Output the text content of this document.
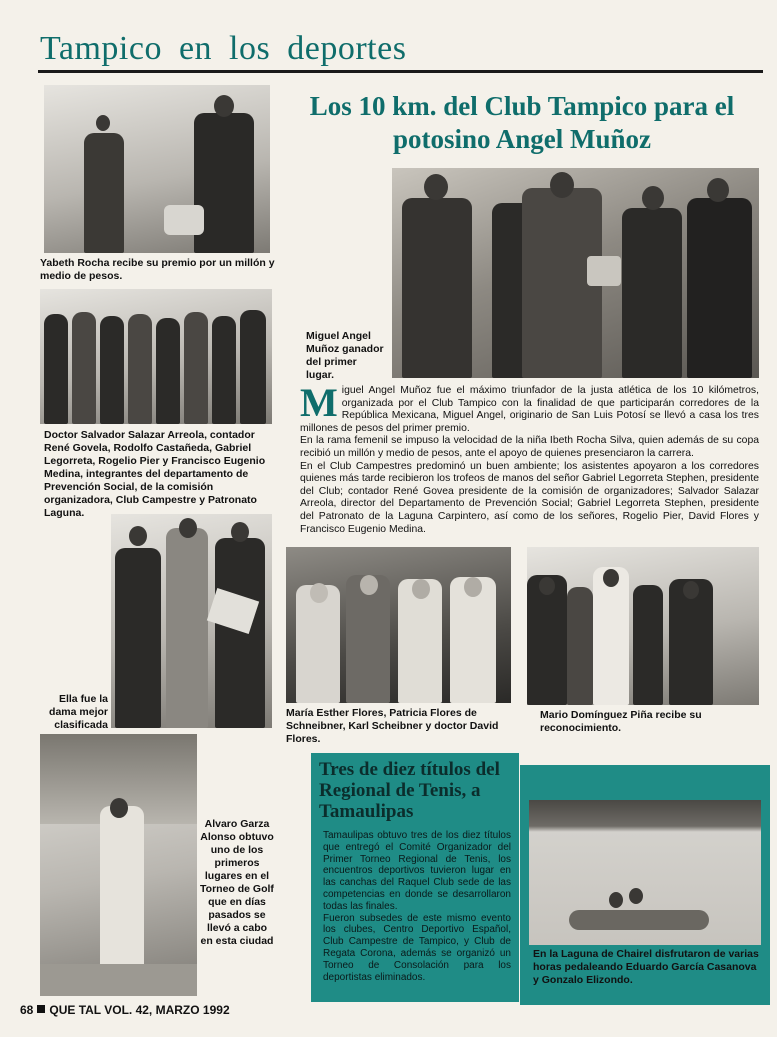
Tampico en los deportes
Yabeth Rocha recibe su premio por un millón y medio de pesos.
Los 10 km. del Club Tampico para el potosino Angel Muñoz
Miguel Angel Muñoz ganador del primer lugar.
Doctor Salvador Salazar Arreola, contador René Govela, Rodolfo Castañeda, Gabriel Legorreta, Rogelio Pier y Francisco Eugenio Medina, integrantes del departamento de Prevención Social, de la comisión organizadora, Club Campestre y Patronato Laguna.
Miguel Angel Muñoz fue el máximo triunfador de la justa atlética de los 10 kilómetros, organizada por el Club Tampico con la finalidad de que participarán corredores de la República Mexicana, Miguel Angel, originario de San Luis Potosí se llevó a casa los tres millones de pesos del primer premio.
En la rama femenil se impuso la velocidad de la niña Ibeth Rocha Silva, quien además de su copa recibió un millón y medio de pesos, ante el apoyo de quienes presenciaron la carrera.
En el Club Campestres predominó un buen ambiente; los asistentes apoyaron a los corredores quienes más tarde recibieron los trofeos de manos del señor Gabriel Legorreta Stephen, presidente del Club; contador René Govea presidente de la comisión de organizadores; Salvador Salazar Arreola, director del Departamento de Prevención Social; Gabriel Legorreta Stephen, presidente del Patronato de la Laguna Carpintero, así como de los señores, Rogelio Pier, David Flores y Francisco Eugenio Medina.
Ella fue la dama mejor clasificada
María Esther Flores, Patricia Flores de Schneibner, Karl Scheibner y doctor David Flores.
Mario Domínguez Piña recibe su reconocimiento.
Alvaro Garza Alonso obtuvo uno de los primeros lugares en el Torneo de Golf que en días pasados se llevó a cabo en esta ciudad
Tres de diez títulos del Regional de Tenis, a Tamaulipas
Tamaulipas obtuvo tres de los diez títulos que entregó el Comité Organizador del Primer Torneo Regional de Tenis, los encuentros deportivos tuvieron lugar en las canchas del Raquel Club sede de las competencias en donde se desarrollaron todas las finales.
Fueron subsedes de este mismo evento los clubes, Centro Deportivo Español, Club Campestre de Tampico, y Club de Regata Corona, además se organizó un Torneo de Consolación para los deportistas eliminados.
En la Laguna de Chairel disfrutaron de varias horas pedaleando Eduardo García Casanova y Gonzalo Elizondo.
68 QUE TAL VOL. 42, MARZO 1992
